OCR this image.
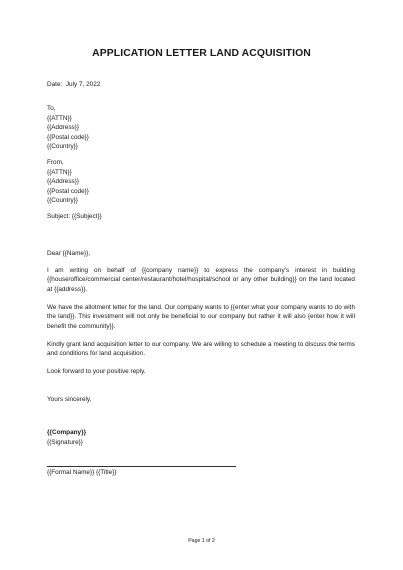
APPLICATION LETTER LAND ACQUISITION
Date: July 7, 2022
To,
{{ATTN}}
{{Address}}
{{Postal code}}
{{Country}}
From,
{{ATTN}}
{{Address}}
{{Postal code}}
{{Country}}
Subject: {{Subject}}
Dear {{Name}},
I am writing on behalf of {{company name}} to express the company's interest in building {{house/office/commercial center/restaurant/hotel/hospital/school or any other building}} on the land located at {{address}}.
We have the allotment letter for the land. Our company wants to {{enter what your company wants to do with the land}}. This investment will not only be beneficial to our company but rather it will also {enter how it will benefit the community}}.
Kindly grant land acquisition letter to our company. We are willing to schedule a meeting to discuss the terms and conditions for land acquisition.
Look forward to your positive reply.
Yours sincerely,
{{Company}}
{{Signature}}
{{Formal Name}} {{Title}}
Page 1 of 2
